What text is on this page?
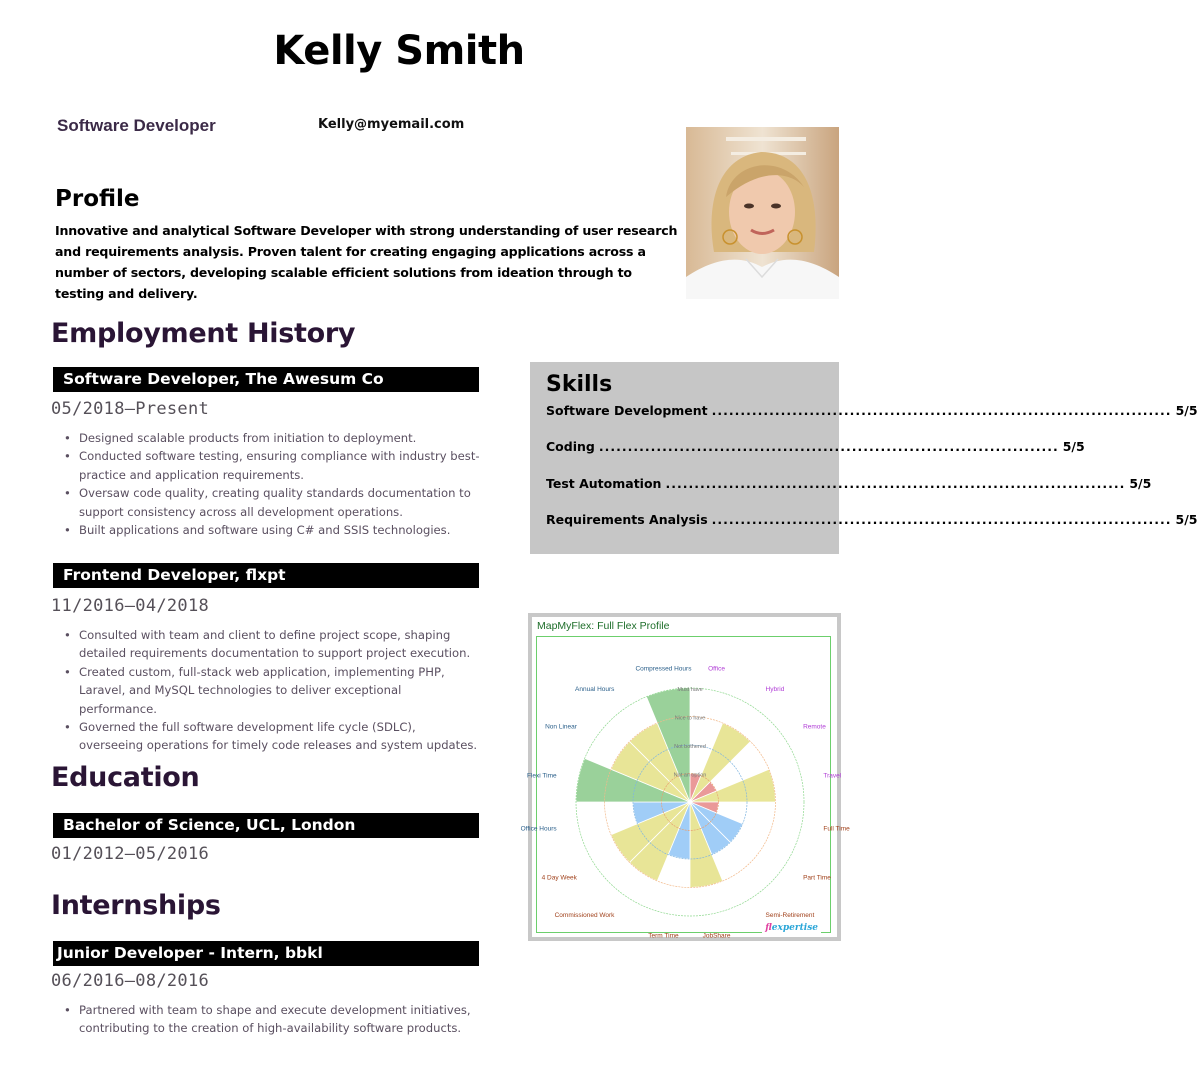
Kelly Smith
Software Developer	Kelly@myemail.com
Profile
Innovative and analytical Software Developer with strong understanding of user research and requirements analysis. Proven talent for creating engaging applications across a number of sectors, developing scalable efficient solutions from ideation through to testing and delivery.
Employment History
Software Developer, The Awesum Co
05/2018–Present
• Designed scalable products from initiation to deployment.
• Conducted software testing, ensuring compliance with industry best-practice and application requirements.
• Oversaw code quality, creating quality standards documentation to support consistency across all development operations.
• Built applications and software using C# and SSIS technologies.
Frontend Developer, flxpt
11/2016–04/2018
• Consulted with team and client to define project scope, shaping detailed requirements documentation to support project execution.
• Created custom, full-stack web application, implementing PHP, Laravel, and MySQL technologies to deliver exceptional performance.
• Governed the full software development life cycle (SDLC), overseeing operations for timely code releases and system updates.
Education
Bachelor of Science, UCL, London
01/2012–05/2016
Internships
Junior Developer - Intern, bbkl
06/2016–08/2016
• Partnered with team to shape and execute development initiatives, contributing to the creation of high-availability software products.
Skills
Software Development .....	5/5
Coding .....	5/5
Test Automation .....	5/5
Requirements Analysis .....	5/5
MapMyFlex: Full Flex Profile
Not an option
Not bothered
Nice to have
Must have
Office
Hybrid
Remote
Travel
Full Time
Part Time
Semi-Retirement
JobShare
Term Time
Commissioned Work
4 Day Week
Office Hours
Flexi Time
Non Linear
Annual Hours
Compressed Hours
flexpertise
